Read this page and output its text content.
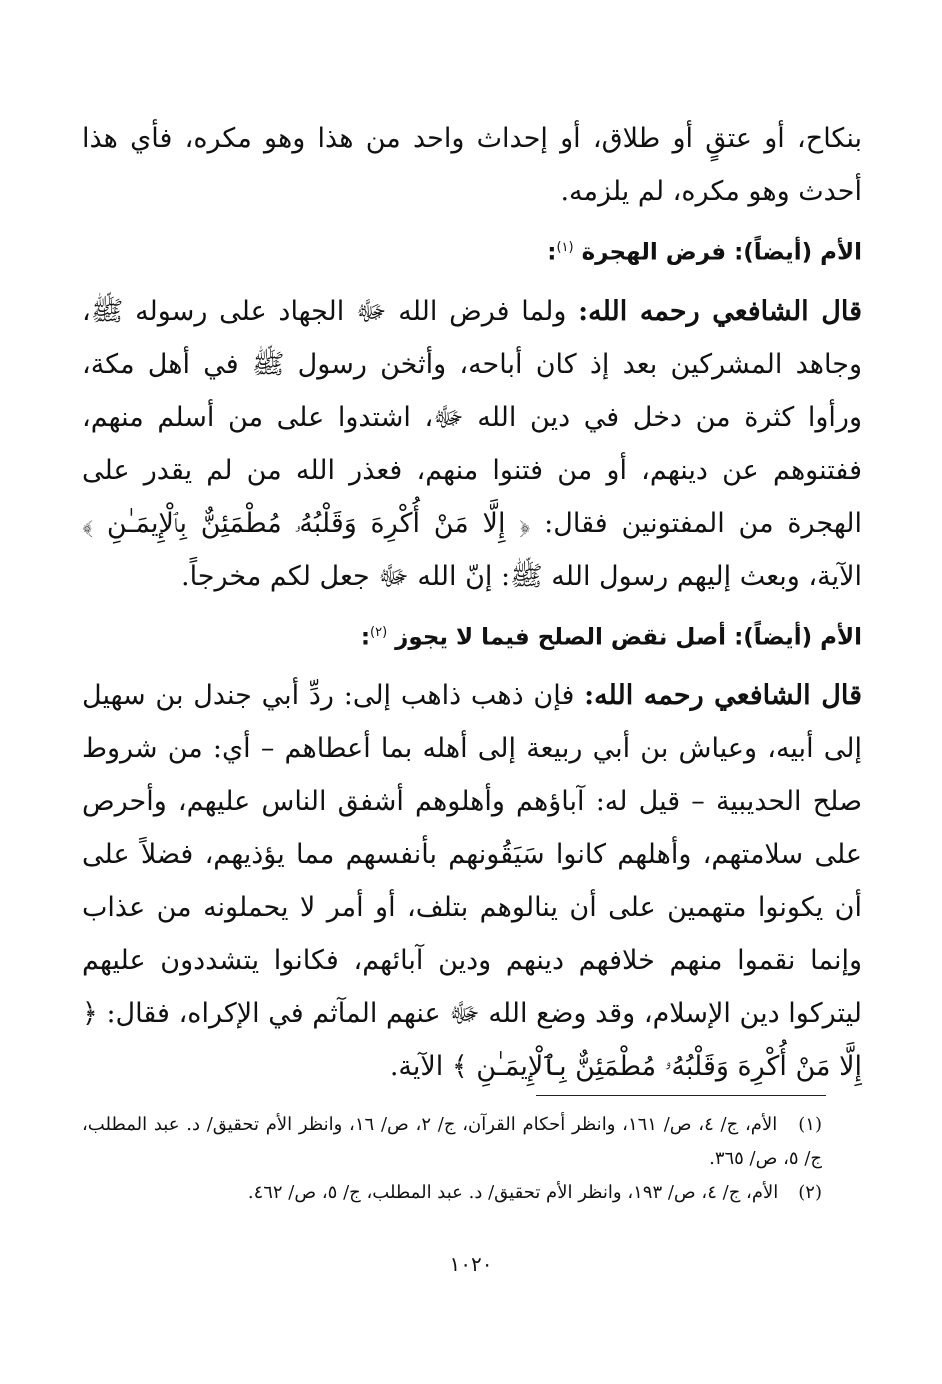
بنكاح، أو عتقٍ أو طلاق، أو إحداث واحد من هذا وهو مكره، فأي هذا أحدث وهو مكره، لم يلزمه.

الأم (أيضاً): فرض الهجرة $^{(١)}$:

قال الشافعي رحمه الله: ولما فرض الله ﷻ الجهاد على رسوله ﷺ، وجاهد المشركين بعد إذ كان أباحه، وأثخن رسول ﷺ في أهل مكة، ورأوا كثرة من دخل في دين الله ﷻ، اشتدوا على من أسلم منهم، ففتنوهم عن دينهم، أو من فتنوا منهم، فعذر الله من لم يقدر على الهجرة من المفتونين فقال: ﴿ إِلَّا مَنْ أُكْرِهَ وَقَلْبُهُۥ مُطْمَئِنٌّ بِٱلْإِيمَـٰنِ ﴾ الآية، وبعث إليهم رسول الله ﷺ: إنّ الله ﷻ جعل لكم مخرجاً.

الأم (أيضاً): أصل نقض الصلح فيما لا يجوز $^{(٢)}$:

قال الشافعي رحمه الله: فإن ذهب ذاهب إلى: ردِّ أبي جندل بن سهيل إلى أبيه، وعياش بن أبي ربيعة إلى أهله بما أعطاهم – أي: من شروط صلح الحديبية – قيل له: آباؤهم وأهلوهم أشفق الناس عليهم، وأحرص على سلامتهم، وأهلهم كانوا سَيَقُونهم بأنفسهم مما يؤذيهم، فضلاً على أن يكونوا متهمين على أن ينالوهم بتلف، أو أمر لا يحملونه من عذاب وإنما نقموا منهم خلافهم دينهم ودين آبائهم، فكانوا يتشددون عليهم ليتركوا دين الإسلام، وقد وضع الله ﷻ عنهم المآثم في الإكراه، فقال: ﴿ إِلَّا مَنْ أُكْرِهَ وَقَلْبُهُۥ مُطْمَئِنٌّ بِٱلْإِيمَـٰنِ ﴾ الآية.

(١) الأم، ج/ ٤، ص/ ١٦١، وانظر أحكام القرآن، ج/ ٢، ص/ ١٦، وانظر الأم تحقيق/ د. عبد المطلب، ج/ ٥، ص/ ٣٦٥.

(٢) الأم، ج/ ٤، ص/ ١٩٣، وانظر الأم تحقيق/ د. عبد المطلب، ج/ ٥، ص/ ٤٦٢.

١٠٢٠
